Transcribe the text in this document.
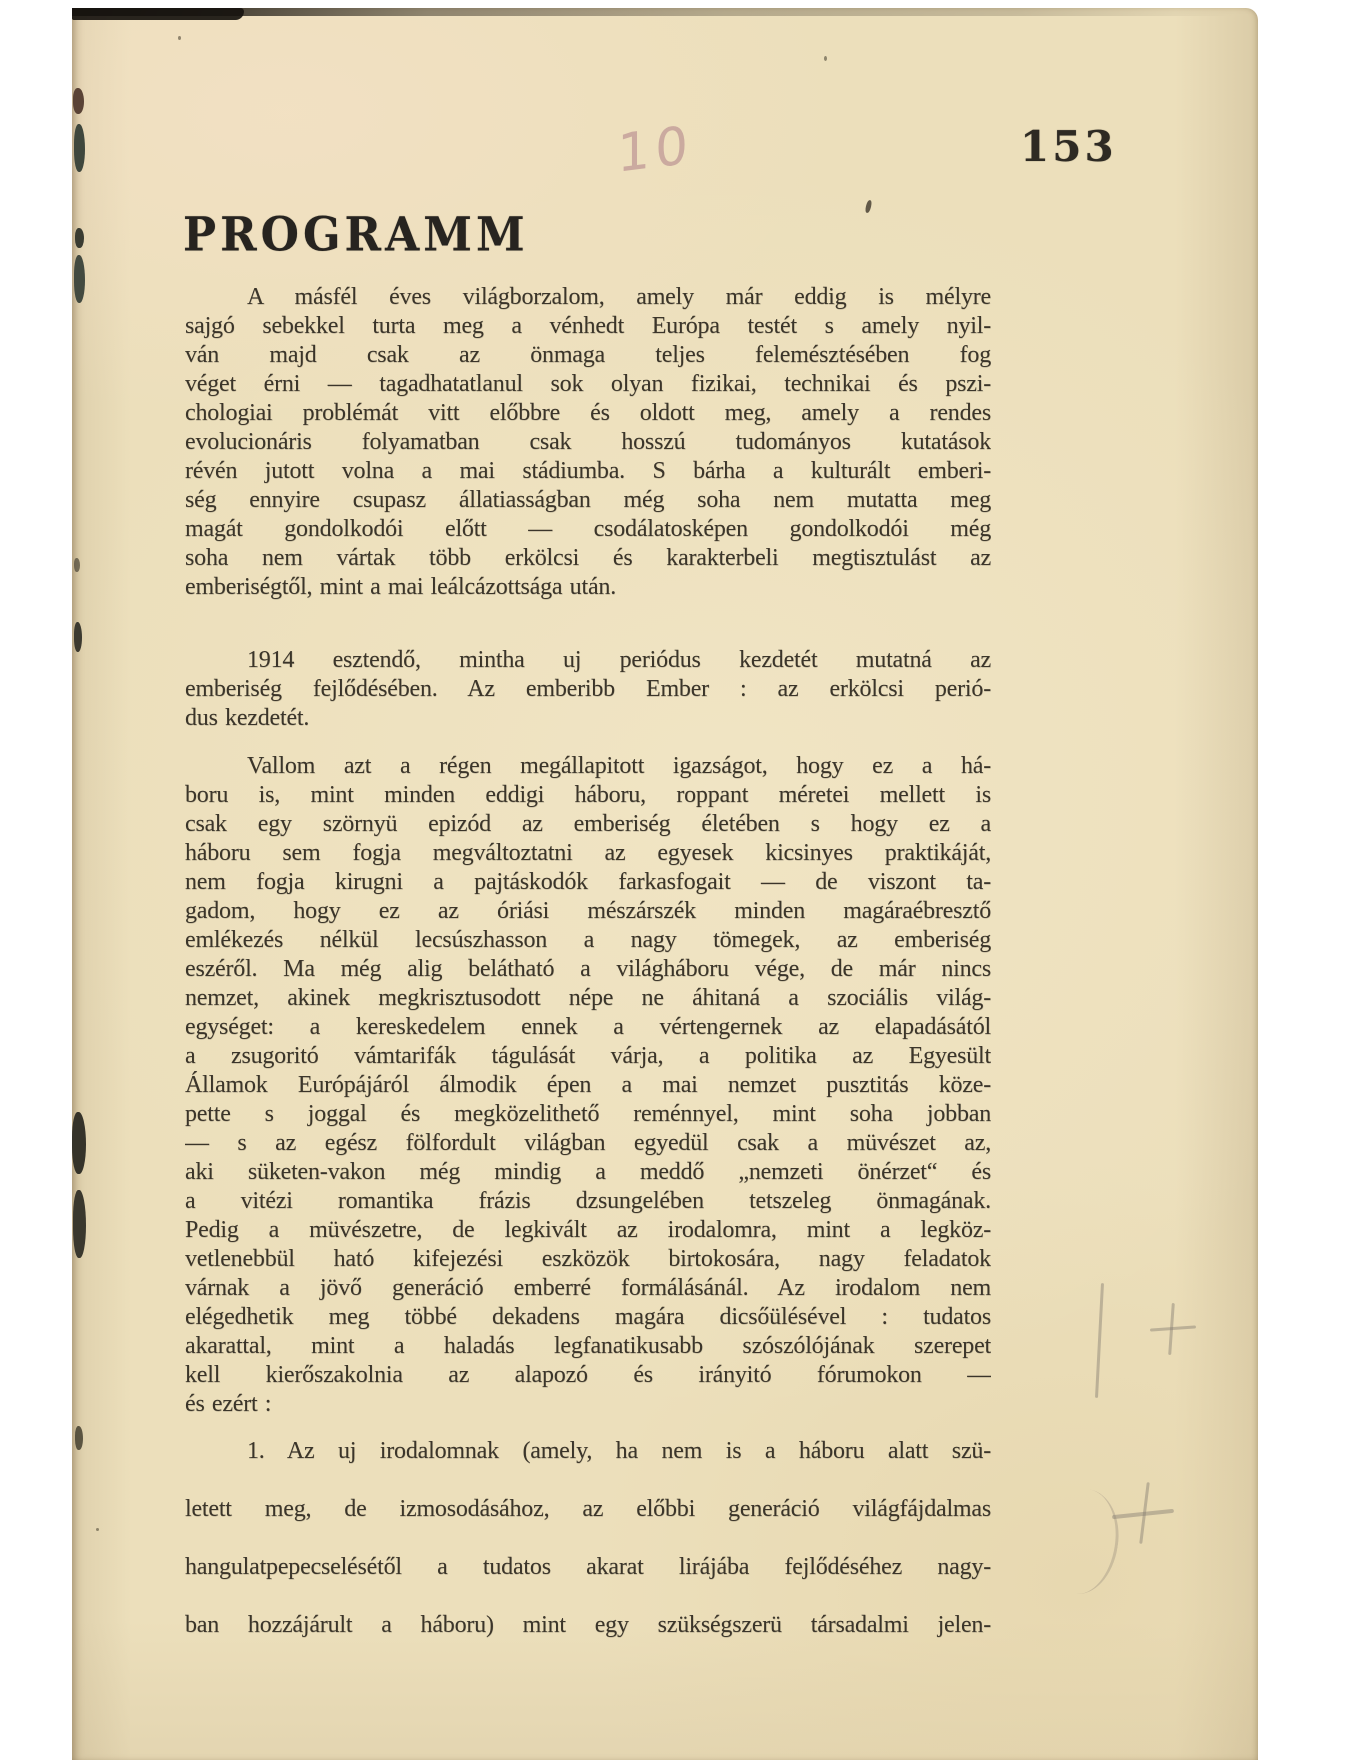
10	153
PROGRAMM
A másfél éves világborzalom, amely már eddig is mélyre
sajgó sebekkel turta meg a vénhedt Európa testét s amely nyil-
ván majd csak az önmaga teljes felemésztésében fog
véget érni — tagadhatatlanul sok olyan fizikai, technikai és pszi-
chologiai problémát vitt előbbre és oldott meg, amely a rendes
evolucionáris folyamatban csak hosszú tudományos kutatások
révén jutott volna a mai stádiumba. S bárha a kulturált emberi-
ség ennyire csupasz állatiasságban még soha nem mutatta meg
magát gondolkodói előtt — csodálatosképen gondolkodói még
soha nem vártak több erkölcsi és karakterbeli megtisztulást az
emberiségtől, mint a mai leálcázottsága után.
1914 esztendő, mintha uj periódus kezdetét mutatná az
emberiség fejlődésében. Az emberibb Ember : az erkölcsi perió-
dus kezdetét.
Vallom azt a régen megállapitott igazságot, hogy ez a há-
boru is, mint minden eddigi háboru, roppant méretei mellett is
csak egy szörnyü epizód az emberiség életében s hogy ez a
háboru sem fogja megváltoztatni az egyesek kicsinyes praktikáját,
nem fogja kirugni a pajtáskodók farkasfogait — de viszont ta-
gadom, hogy ez az óriási mészárszék minden magáraébresztő
emlékezés nélkül lecsúszhasson a nagy tömegek, az emberiség
eszéről. Ma még alig belátható a világháboru vége, de már nincs
nemzet, akinek megkrisztusodott népe ne áhitaná a szociális világ-
egységet: a kereskedelem ennek a vértengernek az elapadásától
a zsugoritó vámtarifák tágulását várja, a politika az Egyesült
Államok Európájáról álmodik épen a mai nemzet pusztitás köze-
pette s joggal és megközelithető reménnyel, mint soha jobban
— s az egész fölfordult világban egyedül csak a müvészet az,
aki süketen-vakon még mindig a meddő „nemzeti önérzet“ és
a vitézi romantika frázis dzsungelében tetszeleg önmagának.
Pedig a müvészetre, de legkivált az irodalomra, mint a legköz-
vetlenebbül ható kifejezési eszközök birtokosára, nagy feladatok
várnak a jövő generáció emberré formálásánál. Az irodalom nem
elégedhetik meg többé dekadens magára dicsőülésével : tudatos
akarattal, mint a haladás legfanatikusabb szószólójának szerepet
kell kierőszakolnia az alapozó és irányitó fórumokon —
és ezért :
1. Az uj irodalomnak (amely, ha nem is a háboru alatt szü-
letett meg, de izmosodásához, az előbbi generáció világfájdalmas
hangulatpepecselésétől a tudatos akarat lirájába fejlődéséhez nagy-
ban hozzájárult a háboru) mint egy szükségszerü társadalmi jelen-
